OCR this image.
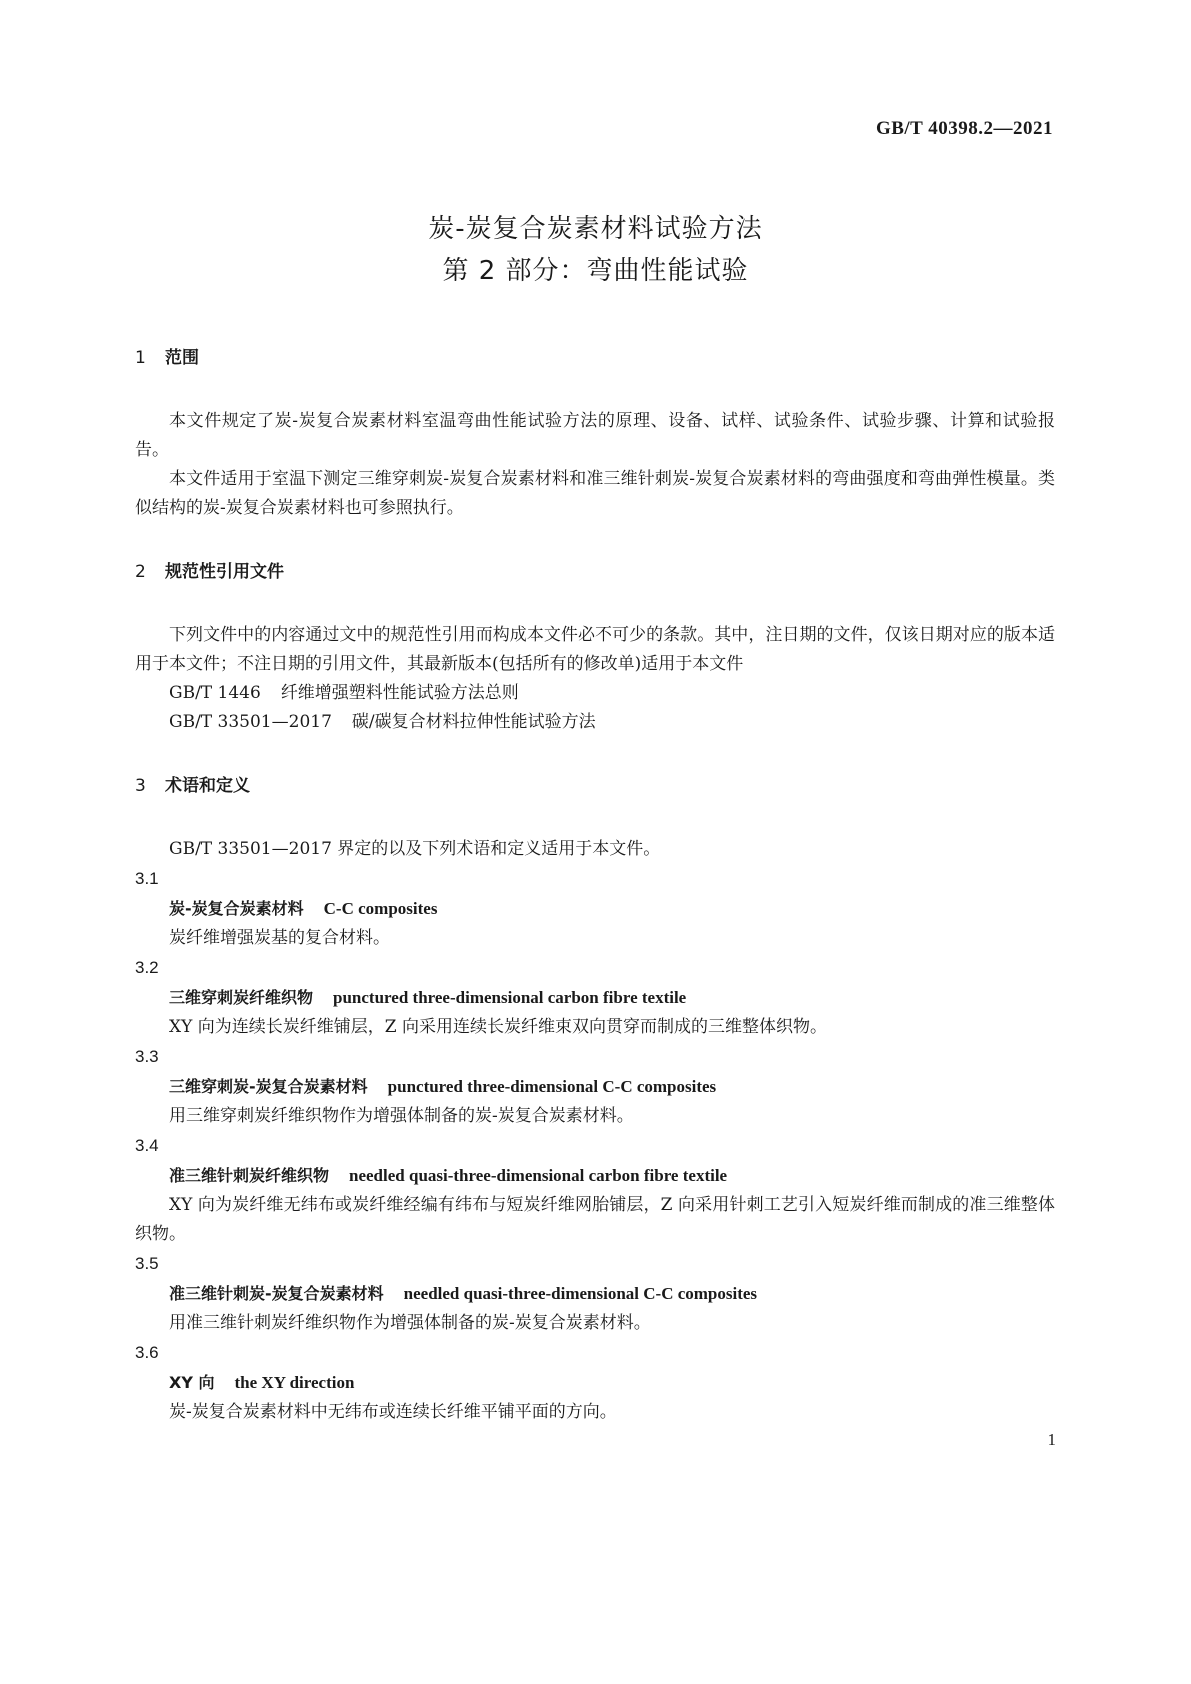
GB/T 40398.2—2021
炭-炭复合炭素材料试验方法
第 2 部分：弯曲性能试验
1 范围

本文件规定了炭-炭复合炭素材料室温弯曲性能试验方法的原理、设备、试样、试验条件、试验步骤、计算和试验报告。

本文件适用于室温下测定三维穿刺炭-炭复合炭素材料和准三维针刺炭-炭复合炭素材料的弯曲强度和弯曲弹性模量。类似结构的炭-炭复合炭素材料也可参照执行。

2 规范性引用文件

下列文件中的内容通过文中的规范性引用而构成本文件必不可少的条款。其中，注日期的文件，仅该日期对应的版本适用于本文件；不注日期的引用文件，其最新版本(包括所有的修改单)适用于本文件

GB/T 1446 纤维增强塑料性能试验方法总则
GB/T 33501—2017 碳/碳复合材料拉伸性能试验方法
3 术语和定义

GB/T 33501—2017 界定的以及下列术语和定义适用于本文件。

3.1
炭-炭复合炭素材料 C-C composites
炭纤维增强炭基的复合材料。
3.2
三维穿刺炭纤维织物 punctured three-dimensional carbon fibre textile
XY 向为连续长炭纤维铺层，Z 向采用连续长炭纤维束双向贯穿而制成的三维整体织物。
3.3
三维穿刺炭-炭复合炭素材料 punctured three-dimensional C-C composites
用三维穿刺炭纤维织物作为增强体制备的炭-炭复合炭素材料。
3.4
准三维针刺炭纤维织物 needled quasi-three-dimensional carbon fibre textile
XY 向为炭纤维无纬布或炭纤维经编有纬布与短炭纤维网胎铺层，Z 向采用针刺工艺引入短炭纤维而制成的准三维整体织物。
3.5
准三维针刺炭-炭复合炭素材料 needled quasi-three-dimensional C-C composites
用准三维针刺炭纤维织物作为增强体制备的炭-炭复合炭素材料。
3.6
XY 向 the XY direction
炭-炭复合炭素材料中无纬布或连续长纤维平铺平面的方向。
1
